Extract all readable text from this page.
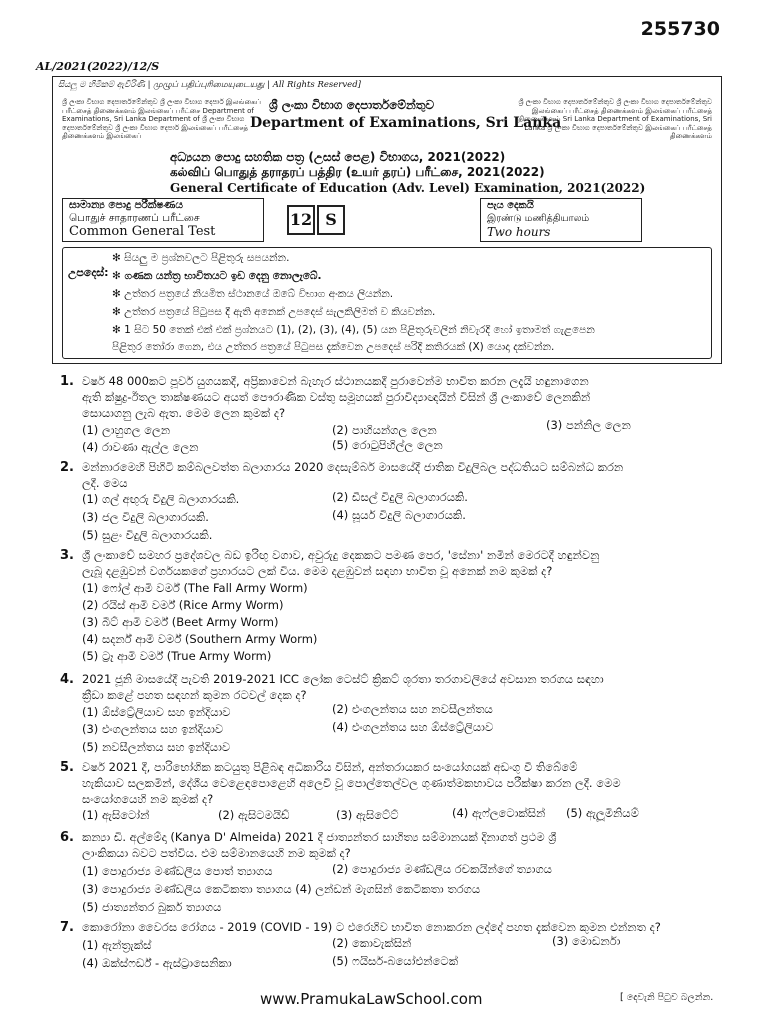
255730
AL/2021(2022)/12/S
සියලු ම හිමිකම් ඇවිරිණි | முழுப் பதிப்புரிமையுடையது | All Rights Reserved]
ශ්‍රී ලංකා විභාග දෙපාර්තමේන්තුව ශ්‍රී ලංකා විභාග දෙපාර් இலங்கைப் பரீட்சைத் திணைக்களம் இலங்கைப் பரீட்சை Department of Examinations, Sri Lanka Department of ශ්‍රී ලංකා විභාග දෙපාර්තමේන්තුව ශ්‍රී ලංකා විභාග දෙපාර් இலங்கைப் பரீட்சைத் திணைக்களம் இலங்கைப்
ශ්‍රී ලංකා විභාග දෙපාර්තමේන්තුව ශ්‍රී ලංකා විභාග දෙපාර්තමේන්තුව இலங்கைப் பரீட்சைத் திணைக்களம் இலங்கைப் பரீட்சைத் திணைக்களம் Sri Lanka Department of Examinations, Sri Lanka ශ්‍රී ලංකා විභාග දෙපාර්තමේන්තුව இலங்கைப் பரீட்சைத் திணைக்களம்
ශ්‍රී ලංකා විභාග දෙපාර්තමේන්තුව
Department of Examinations, Sri Lanka
අධ්‍යයන පොදු සහතික පත්‍ර (උසස් පෙළ) විභාගය, 2021(2022)
கல்விப் பொதுத் தராதரப் பத்திர (உயர் தரப்) பரீட்சை, 2021(2022)
General Certificate of Education (Adv. Level) Examination, 2021(2022)
සාමාන්‍ය පොදු පරීක්ෂණය
பொதுச் சாதாரணப் பரீட்சை
Common General Test
12 S
පැය දෙකයි
இரண்டு மணித்தியாலம்
Two hours
උපදෙස්:
✻ සියලු ම ප්‍රශ්නවලට පිළිතුරු සපයන්න.
✻ ගණක යන්ත්‍ර භාවිතයට ඉඩ දෙනු නොලැබේ.
✻ උත්තර පත්‍රයේ නියමිත ස්ථානයේ ඔබේ විභාග අංකය ලියන්න.
✻ උත්තර පත්‍රයේ පිටුපස දී ඇති අනෙක් උපදෙස් සැලකිලිමත් ව කියවන්න.
✻ 1 සිට 50 තෙක් එක් එක් ප්‍රශ්නයට (1), (2), (3), (4), (5) යන පිළිතුරුවලින් නිවැරදි හෝ ඉතාමත් ගැළපෙන
පිළිතුර තෝරා ගෙන, එය උත්තර පත්‍රයේ පිටුපස දැක්වෙන උපදෙස් පරිදි කතිරයක් (X) යොදා දක්වන්න.
1. වර්ෂ 48 000කට පූර්ව යුගයකදී, අප්‍රිකාවෙන් බැහැර ස්ථානයකදී පුරාවෙන්ම භාවිත කරන ලදැයි හඳුනාගෙන
ඇති ක්ෂුද්‍ර-ඊතල තාක්ෂණයට අයත් පෞරාණික වස්තු සමූහයක් පුරාවිද්‍යාඥයින් විසින් ශ්‍රී ලංකාවේ ලෙනකින්
සොයාගනු ලැබ ඇත. මෙම ලෙන කුමක් ද?
(1) ලාහුගල ලෙන	(2) පාහියන්ගල ලෙන	(3) පන්නිල ලෙන
(4) රාවණා ඇල්ල ලෙන	(5) රොටුපිහිල්ල ලෙන
2. මන්නාරමෙහි පිහිටි කම්බලවත්ත බලාගාරය 2020 දෙසැම්බර් මාසයේදී ජාතික විදුලිබල පද්ධතියට සම්බන්ධ කරන
ලදී. මෙය
(1) ගල් අඟුරු විදුලි බලාගාරයකි.	(2) ඩීසල් විදුලි බලාගාරයකි.
(3) ජල විදුලි බලාගාරයකි.	(4) සූර්ය විදුලි බලාගාරයකි.
(5) සුළං විදුලි බලාගාරයකි.
3. ශ්‍රී ලංකාවේ සමහර ප්‍රදේශවල බඩ ඉරිඟු වගාව, අවුරුදු දෙකකට පමණ පෙර, 'සේනා' නමින් මෙරටදී හඳුන්වනු
ලැබූ දළඹුවන් වර්ගයකගේ ප්‍රහාරයට ලක් විය. මෙම දළඹුවන් සඳහා භාවිත වූ අනෙක් නම කුමක් ද?
(1) ෆෝල් ආමි වර්ම් (The Fall Army Worm)
(2) රයිස් ආමි වර්ම් (Rice Army Worm)
(3) බීට් ආමි වර්ම් (Beet Army Worm)
(4) සදර්න් ආමි වර්ම් (Southern Army Worm)
(5) ට්‍රෑ ආමි වර්ම් (True Army Worm)
4. 2021 ජූනි මාසයේදී පැවති 2019-2021 ICC ලෝක ටෙස්ට් ක්‍රිකට් ශූරතා තරගාවලියේ අවසාන තරගය සඳහා
ක්‍රීඩා කළේ පහත සඳහන් කුමන රටවල් දෙක ද?
(1) ඕස්ට්‍රේලියාව සහ ඉන්දියාව	(2) එංගලන්තය සහ නවසීලන්තය
(3) එංගලන්තය සහ ඉන්දියාව	(4) එංගලන්තය සහ ඕස්ට්‍රේලියාව
(5) නවසීලන්තය සහ ඉන්දියාව
5. වර්ෂ 2021 දී, පාරිභෝගික කටයුතු පිළිබඳ අධිකාරිය විසින්, අන්තරායකර සංයෝගයක් අඩංගු වී තිබේමේ
හැකියාව සලකමින්, දේශීය වෙළෙඳපොළෙහි අලෙවි වූ පොල්තෙල්වල ගුණාත්මකභාවය පරීක්ෂා කරන ලදී. මෙම
සංයෝගයෙහි නම කුමක් ද?
(1) ඇසිටෝන්	(2) ඇසිටමයිඩ්	(3) ඇසිටේට්	(4) ඇෆ්ලටොක්සින් (5) ඇලූමිනියම්
6. කන්‍යා ඩි. අල්මේදා (Kanya D' Almeida) 2021 දී ජාත්‍යන්තර සාහිත්‍ය සම්මානයක් දිනාගත් ප්‍රථම ශ්‍රී
ලාංකිකයා බවට පත්විය. එම සම්මානයෙහි නම කුමක් ද?
(1) පොදුරාජ්‍ය මණ්ඩලීය පොත් ත්‍යාගය	(2) පොදුරාජ්‍ය මණ්ඩලීය රචකයින්ගේ ත්‍යාගය
(3) පොදුරාජ්‍ය මණ්ඩලීය කෙටිකතා ත්‍යාගය (4) ලන්ඩන් මැගසින් කෙටිකතා තරගය
(5) ජාත්‍යන්තර බුකර් ත්‍යාගය
7. කොරෝනා වෛරස රෝගය - 2019 (COVID - 19) ට එරෙහිව භාවිත නොකරන ලද්දේ පහත දැක්වෙන කුමන එන්නත ද?
(1) ඇන්ත්‍රැක්ස්	(2) කොවැක්සින්	(3) මොඩර්නා
(4) ඔක්ස්ෆර්ඩ් - ඇස්ට්‍රාසෙනිකා	(5) ෆයිසර්-බයෝඑන්ටෙක්
www.PramukaLawSchool.com	[ දෙවැනි පිටුව බලන්න.
